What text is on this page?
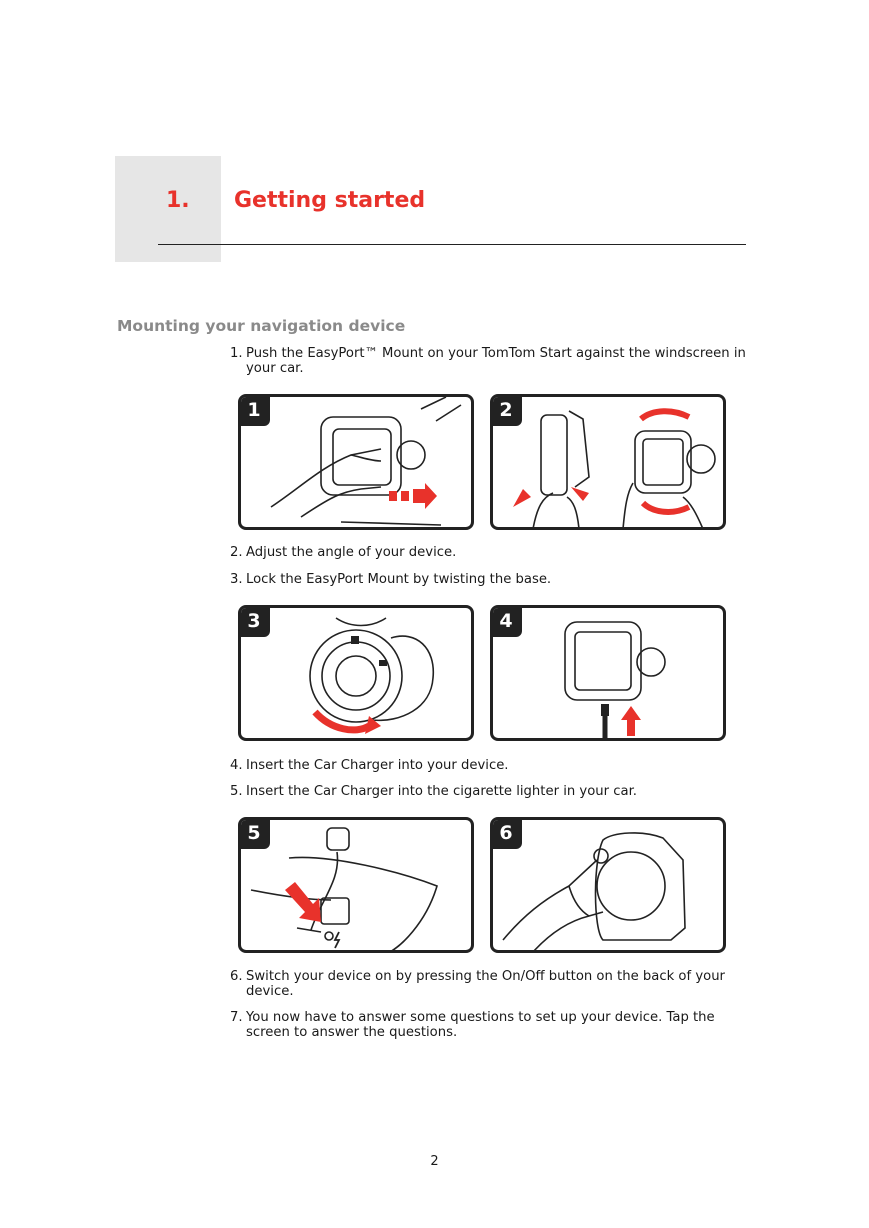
1. Getting started
Mounting your navigation device
1. Push the EasyPort™ Mount on your TomTom Start against the windscreen in your car.
1	2
2. Adjust the angle of your device.
3. Lock the EasyPort Mount by twisting the base.
3	4
4. Insert the Car Charger into your device.
5. Insert the Car Charger into the cigarette lighter in your car.
5	6
6. Switch your device on by pressing the On/Off button on the back of your device.
7. You now have to answer some questions to set up your device. Tap the screen to answer the questions.
2
